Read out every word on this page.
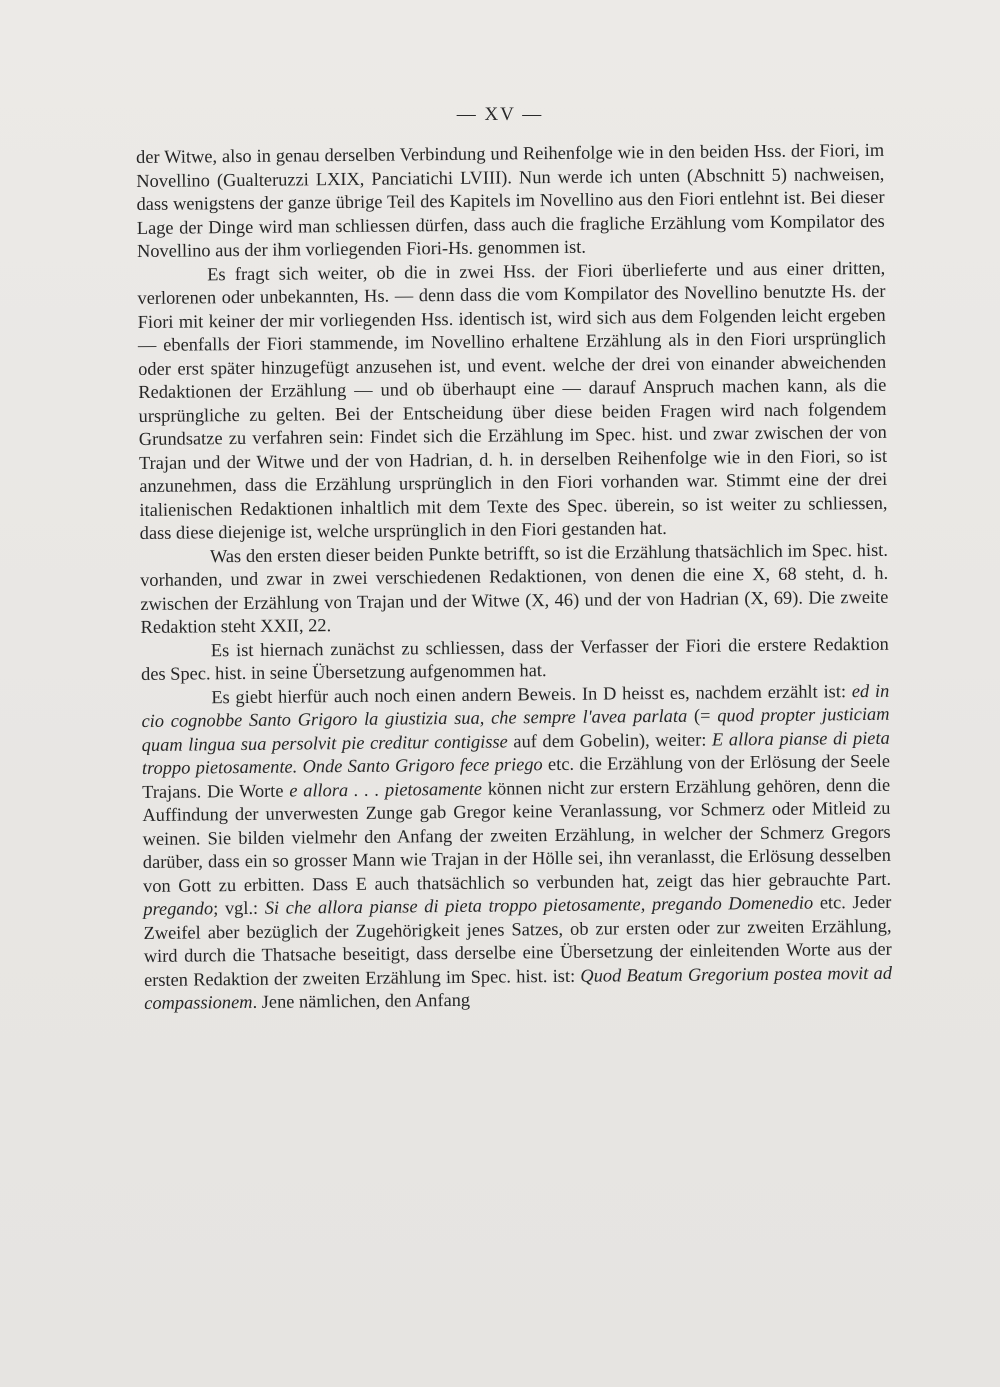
— XV —

der Witwe, also in genau derselben Verbindung und Reihenfolge wie in den beiden Hss. der Fiori, im Novellino (Gualteruzzi LXIX, Panciatichi LVIII). Nun werde ich unten (Abschnitt 5) nachweisen, dass wenigstens der ganze übrige Teil des Kapitels im Novellino aus den Fiori entlehnt ist. Bei dieser Lage der Dinge wird man schliessen dürfen, dass auch die fragliche Erzählung vom Kompilator des Novellino aus der ihm vorliegenden Fiori-Hs. genommen ist.

Es fragt sich weiter, ob die in zwei Hss. der Fiori überlieferte und aus einer dritten, verlorenen oder unbekannten, Hs. — denn dass die vom Kompilator des Novellino benutzte Hs. der Fiori mit keiner der mir vorliegenden Hss. identisch ist, wird sich aus dem Folgenden leicht ergeben — ebenfalls der Fiori stammende, im Novellino erhaltene Erzählung als in den Fiori ursprünglich oder erst später hinzugefügt anzusehen ist, und event. welche der drei von einander abweichenden Redaktionen der Erzählung — und ob überhaupt eine — darauf Anspruch machen kann, als die ursprüngliche zu gelten. Bei der Entscheidung über diese beiden Fragen wird nach folgendem Grundsatze zu verfahren sein: Findet sich die Erzählung im Spec. hist. und zwar zwischen der von Trajan und der Witwe und der von Hadrian, d. h. in derselben Reihenfolge wie in den Fiori, so ist anzunehmen, dass die Erzählung ursprünglich in den Fiori vorhanden war. Stimmt eine der drei italienischen Redaktionen inhaltlich mit dem Texte des Spec. überein, so ist weiter zu schliessen, dass diese diejenige ist, welche ursprünglich in den Fiori gestanden hat.

Was den ersten dieser beiden Punkte betrifft, so ist die Erzählung thatsächlich im Spec. hist. vorhanden, und zwar in zwei verschiedenen Redaktionen, von denen die eine X, 68 steht, d. h. zwischen der Erzählung von Trajan und der Witwe (X, 46) und der von Hadrian (X, 69). Die zweite Redaktion steht XXII, 22.

Es ist hiernach zunächst zu schliessen, dass der Verfasser der Fiori die erstere Redaktion des Spec. hist. in seine Übersetzung aufgenommen hat.

Es giebt hierfür auch noch einen andern Beweis. In D heisst es, nachdem erzählt ist: ed in cio cognobbe Santo Grigoro la giustizia sua, che sempre l'avea parlata (= quod propter justiciam quam lingua sua persolvit pie creditur contigisse auf dem Gobelin), weiter: E allora pianse di pieta troppo pietosamente. Onde Santo Grigoro fece priego etc. die Erzählung von der Erlösung der Seele Trajans. Die Worte e allora . . . pietosamente können nicht zur erstern Erzählung gehören, denn die Auffindung der unverwesten Zunge gab Gregor keine Veranlassung, vor Schmerz oder Mitleid zu weinen. Sie bilden vielmehr den Anfang der zweiten Erzählung, in welcher der Schmerz Gregors darüber, dass ein so grosser Mann wie Trajan in der Hölle sei, ihn veranlasst, die Erlösung desselben von Gott zu erbitten. Dass E auch thatsächlich so verbunden hat, zeigt das hier gebrauchte Part. pregando; vgl.: Si che allora pianse di pieta troppo pietosamente, pregando Domenedio etc. Jeder Zweifel aber bezüglich der Zugehörigkeit jenes Satzes, ob zur ersten oder zur zweiten Erzählung, wird durch die Thatsache beseitigt, dass derselbe eine Übersetzung der einleitenden Worte aus der ersten Redaktion der zweiten Erzählung im Spec. hist. ist: Quod Beatum Gregorium postea movit ad compassionem. Jene nämlichen, den Anfang
